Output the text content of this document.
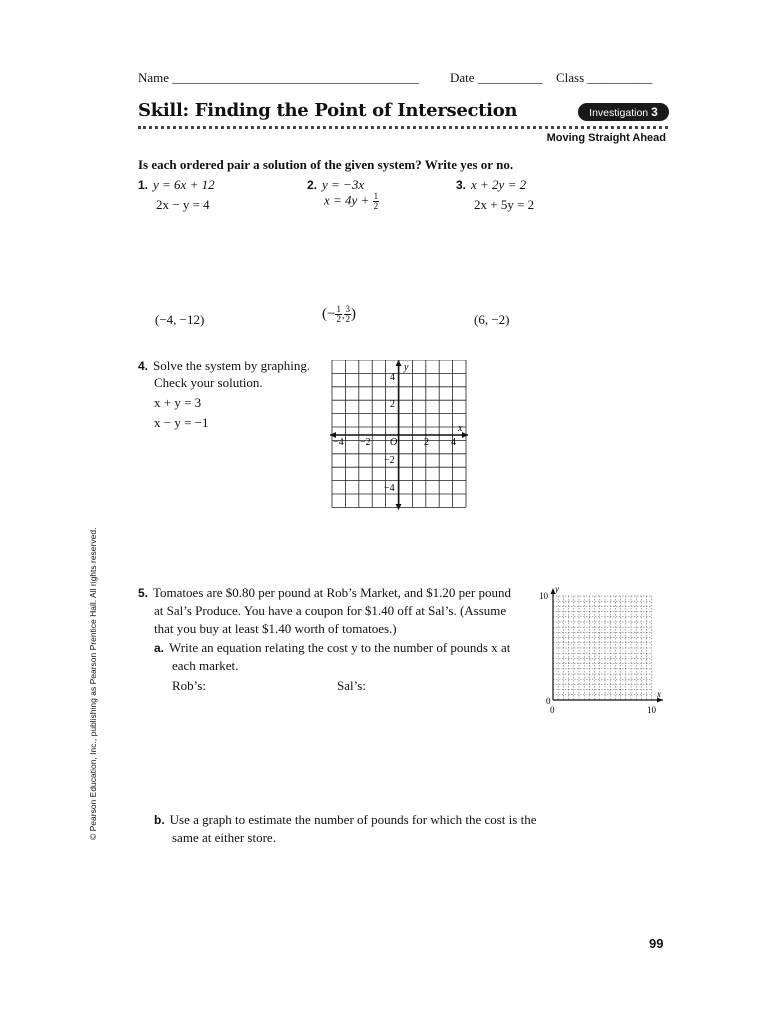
Name ______________________________________ Date __________ Class __________
Skill: Finding the Point of Intersection	Investigation 3
Moving Straight Ahead
Is each ordered pair a solution of the given system? Write yes or no.
1. y = 6x + 12
2x − y = 4
(−4, −12)
2. y = −3x
$x = 4y + \frac{1}{2}$
(− $\frac{1}{2}$ , $\frac{3}{2}$ )
3. x + 2y = 2
2x + 5y = 2
(6, −2)
4. Solve the system by graphing.
Check your solution.
x + y = 3
x − y = −1	x
y
O
−4 −2	2 4
4
2
−2
−4
© Pearson Education, Inc., publishing as Pearson Prentice Hall. All rights reserved.	5. Tomatoes are $0.80 per pound at Rob’s Market, and $1.20 per pound
at Sal’s Produce. You have a coupon for $1.40 off at Sal’s. (Assume
that you buy at least $1.40 worth of tomatoes.)
a. Write an equation relating the cost y to the number of pounds x at
each market.
Rob’s:	Sal’s:
10
y
0
0	10
x
b. Use a graph to estimate the number of pounds for which the cost is the
same at either store.
99
